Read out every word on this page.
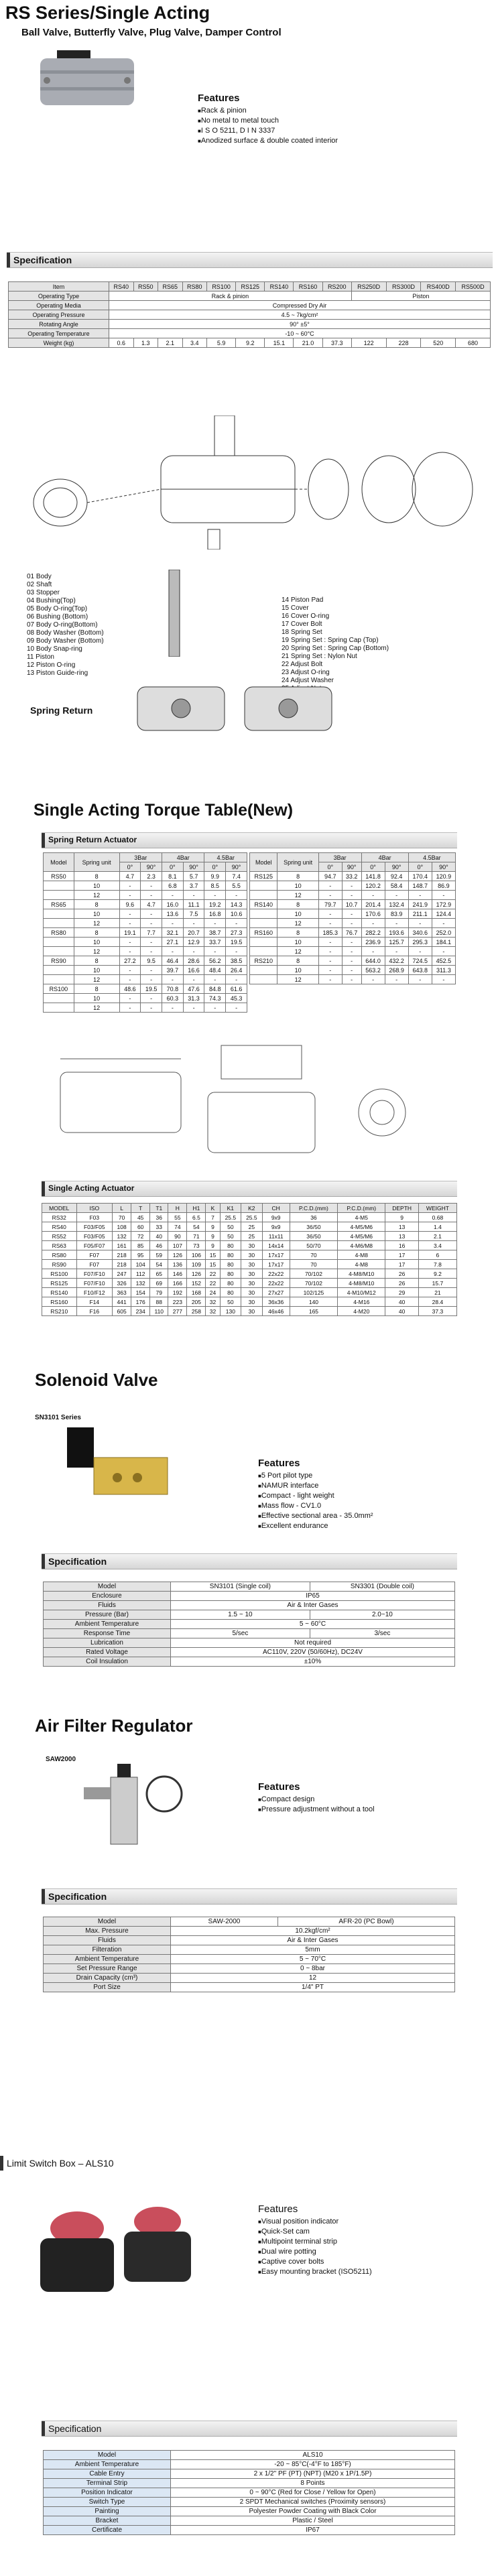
RS Series/Single Acting
Ball Valve, Butterfly Valve, Plug Valve, Damper Control
Features
■ Rack & pinion
■ No metal to metal touch
■ I S O 5211, D I N 3337
■ Anodized surface & double coated interior
Specification
Item	RS40	RS50	RS65	RS80	RS100	RS125	RS140	RS160	RS200	RS250D	RS300D	RS400D	RS500D
Operating Type	Rack & pinion									Piston			
Operating Media	Compressed Dry Air												
Operating Pressure	4.5 ~ 7kg/cm²												
Rotating Angle	90° ±5°												
Operating Temperature	-10 ~ 60°C												
Weight (kg)	0.6	1.3	2.1	3.4	5.9	9.2	15.1	21.0	37.3	122	228	520	680
01 Body
02 Shaft
03 Stopper
04 Bushing(Top)
05 Body O-ring(Top)
06 Bushing (Bottom)
07 Body O-ring(Bottom)
08 Body Washer (Bottom)
09 Body Washer (Bottom)
10 Body Snap-ring
11 Piston
12 Piston O-ring
13 Piston Guide-ring
14 Piston Pad
15 Cover
16 Cover O-ring
17 Cover Bolt
18 Spring Set
19 Spring Set : Spring Cap (Top)
20 Spring Set : Spring Cap (Bottom)
21 Spring Set : Nylon Nut
22 Adjust Bolt
23 Adjust O-ring
24 Adjust Washer
Spring Return
Single Acting Torque Table(New)
Spring Return Actuator
Model	Spring unit	3Bar		4Bar		4.5Bar	
		0°	90°	0°	90°	0°	90°
RS50	8	4.7	2.3	8.1	5.7	9.9	7.4
	10	-	-	6.8	3.7	8.5	5.5
	12	-	-	-	-	-	-
RS65	8	9.6	4.7	16.0	11.1	19.2	14.3
	10	-	-	13.6	7.5	16.8	10.6
	12	-	-	-	-	-	-
RS80	8	19.1	7.7	32.1	20.7	38.7	27.3
	10	-	-	27.1	12.9	33.7	19.5
	12	-	-	-	-	-	-
RS90	8	27.2	9.5	46.4	28.6	56.2	38.5
	10	-	-	39.7	16.6	48.4	26.4
	12	-	-	-	-	-	-
RS100	8	48.6	19.5	70.8	47.6	84.8	61.6
	10	-	-	60.3	31.3	74.3	45.3
	12	-	-	-	-	-	-
Model	Spring unit	3Bar		4Bar		4.5Bar	
		0°	90°	0°	90°	0°	90°
RS125	8	94.7	33.2	141.8	92.4	170.4	120.9
	10	-	-	120.2	58.4	148.7	86.9
	12	-	-	-	-	-	-
RS140	8	79.7	10.7	201.4	132.4	241.9	172.9
	10	-	-	170.6	83.9	211.1	124.4
	12	-	-	-	-	-	-
RS160	8	185.3	76.7	282.2	193.6	340.6	252.0
	10	-	-	236.9	125.7	295.3	184.1
	12	-	-	-	-	-	-
RS210	8	-	-	644.0	432.2	724.5	452.5
	10	-	-	563.2	268.9	643.8	311.3
	12	-	-	-	-	-	-
Single Acting Actuator
MODEL	ISO	L	T	T1	H	H1	K	K1	K2	CH	P.C.D.(mm)	P.C.D.(mm)	DEPTH	WEIGHT
RS32	F03	70	45	36	55	6.5	7	25.5	25.5	9x9	36	4-M5	9	0.68
RS40	F03/F05	108	60	33	74	54	9	50	25	9x9	36/50	4-M5/M6	13	1.4
RS52	F03/F05	132	72	40	90	71	9	50	25	11x11	36/50	4-M5/M6	13	2.1
RS63	F05/F07	161	85	46	107	73	9	80	30	14x14	50/70	4-M6/M8	16	3.4
RS80	F07	218	95	59	126	106	15	80	30	17x17	70	4-M8	17	6
RS90	F07	218	104	54	136	109	15	80	30	17x17	70	4-M8	17	7.8
RS100	F07/F10	247	112	65	146	126	22	80	30	22x22	70/102	4-M8/M10	26	9.2
RS125	F07/F10	326	132	69	166	152	22	80	30	22x22	70/102	4-M8/M10	26	15.7
RS140	F10/F12	363	154	79	192	168	24	80	30	27x27	102/125	4-M10/M12	29	21
RS160	F14	441	176	88	223	205	32	50	30	36x36	140	4-M16	40	28.4
RS210	F16	605	234	110	277	258	32	130	30	46x46	165	4-M20	40	37.3
Solenoid Valve
SN3101 Series
Features
■ 5 Port pilot type
■ NAMUR interface
■ Compact - light weight
■ Mass flow - CV1.0
■ Effective sectional area - 35.0mm²
■ Excellent endurance
Specification
Model	SN3101 (Single coil)	SN3301 (Double coil)
Enclosure	IP65	
Fluids	Air & Inter Gases	
Pressure (Bar)	1.5 ~ 10	2.0~10
Ambient Temperature	5 ~ 60°C	
Response Time	5/sec	3/sec
Lubrication	Not required	
Rated Voltage	AC110V, 220V (50/60Hz), DC24V	
Coil Insulation	±10%	
Air Filter Regulator
SAW2000
Features
■ Compact design
■ Pressure adjustment without a tool
Specification
Model	SAW-2000	AFR-20 (PC Bowl)
Max. Pressure	10.2kgf/cm²	
Fluids	Air & Inter Gases	
Filteration	5mm	
Ambient Temperature	5 ~ 70°C	
Set Pressure Range	0 ~ 8bar	
Drain Capacity (cm³)	12	
Port Size	1/4" PT	
Limit Switch Box – ALS10
Features
■ Visual position indicator
■ Quick-Set cam
■ Multipoint terminal strip
■ Dual wire potting
■ Captive cover bolts
■ Easy mounting bracket (ISO5211)
Specification
Model	ALS10
Ambient Temperature	-20 ~ 85°C(-4°F to 185°F)
Cable Entry	2 x 1/2" PF (PT) (NPT) (M20 x 1P/1.5P)
Terminal Strip	8 Points
Position Indicator	0 ~ 90°C (Red for Close / Yellow for Open)
Switch Type	2 SPDT Mechanical switches (Proximity sensors)
Painting	Polyester Powder Coating with Black Color
Bracket	Plastic / Steel
Certificate	IP67
